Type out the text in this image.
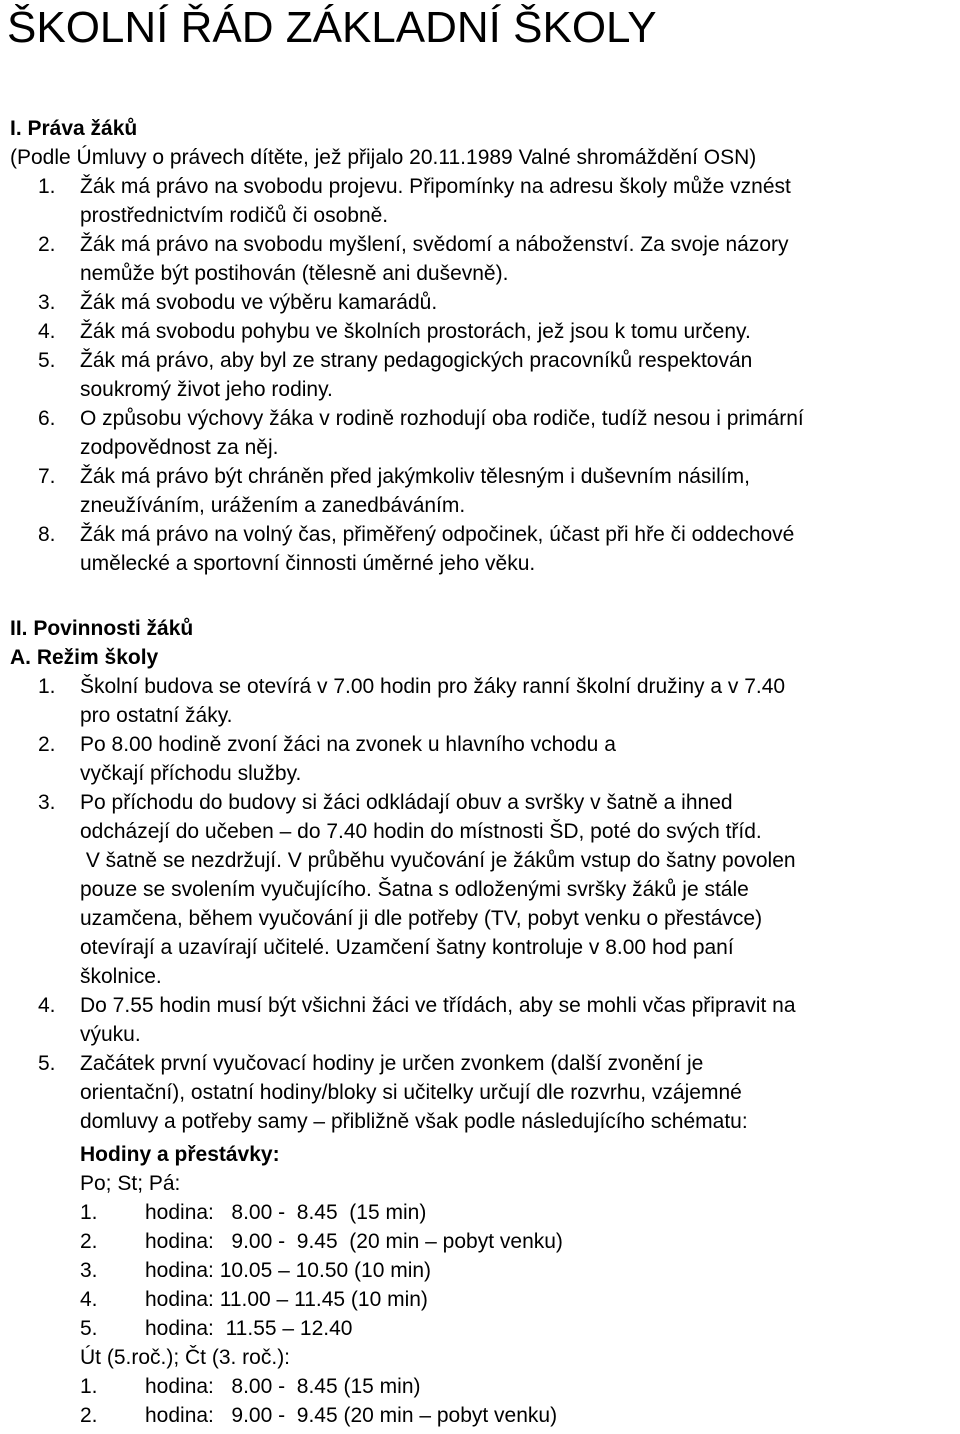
ŠKOLNÍ ŘÁD ZÁKLADNÍ ŠKOLY
I. Práva žáků
(Podle Úmluvy o právech dítěte, jež přijalo 20.11.1989 Valné shromáždění OSN)
1. Žák má právo na svobodu projevu. Připomínky na adresu školy může vznést
prostřednictvím rodičů či osobně.
2. Žák má právo na svobodu myšlení, svědomí a náboženství. Za svoje názory
nemůže být postihován (tělesně ani duševně).
3. Žák má svobodu ve výběru kamarádů.
4. Žák má svobodu pohybu ve školních prostorách, jež jsou k tomu určeny.
5. Žák má právo, aby byl ze strany pedagogických pracovníků respektován
soukromý život jeho rodiny.
6. O způsobu výchovy žáka v rodině rozhodují oba rodiče, tudíž nesou i primární
zodpovědnost za něj.
7. Žák má právo být chráněn před jakýmkoliv tělesným i duševním násilím,
zneužíváním, urážením a zanedbáváním.
8. Žák má právo na volný čas, přiměřený odpočinek, účast při hře či oddechové
umělecké a sportovní činnosti úměrné jeho věku.
II. Povinnosti žáků
A. Režim školy
1. Školní budova se otevírá v 7.00 hodin pro žáky ranní školní družiny a v 7.40
pro ostatní žáky.
2. Po 8.00 hodině zvoní žáci na zvonek u hlavního vchodu a
vyčkají příchodu služby.
3. Po příchodu do budovy si žáci odkládají obuv a svršky v šatně a ihned
odcházejí do učeben – do 7.40 hodin do místnosti ŠD, poté do svých tříd.
V šatně se nezdržují. V průběhu vyučování je žákům vstup do šatny povolen
pouze se svolením vyučujícího. Šatna s odloženými svršky žáků je stále
uzamčena, během vyučování ji dle potřeby (TV, pobyt venku o přestávce)
otevírají a uzavírají učitelé. Uzamčení šatny kontroluje v 8.00 hod paní
školnice.
4. Do 7.55 hodin musí být všichni žáci ve třídách, aby se mohli včas připravit na
výuku.
5. Začátek první vyučovací hodiny je určen zvonkem (další zvonění je
orientační), ostatní hodiny/bloky si učitelky určují dle rozvrhu, vzájemné
domluvy a potřeby samy – přibližně však podle následujícího schématu:
Hodiny a přestávky:
Po; St; Pá:
1. hodina:   8.00 -  8.45  (15 min)
2. hodina:   9.00 -  9.45  (20 min – pobyt venku)
3. hodina: 10.05 – 10.50 (10 min)
4. hodina: 11.00 – 11.45 (10 min)
5. hodina:  11.55 – 12.40
Út (5.roč.); Čt (3. roč.):
1. hodina:   8.00 -  8.45 (15 min)
2. hodina:   9.00 -  9.45 (20 min – pobyt venku)
